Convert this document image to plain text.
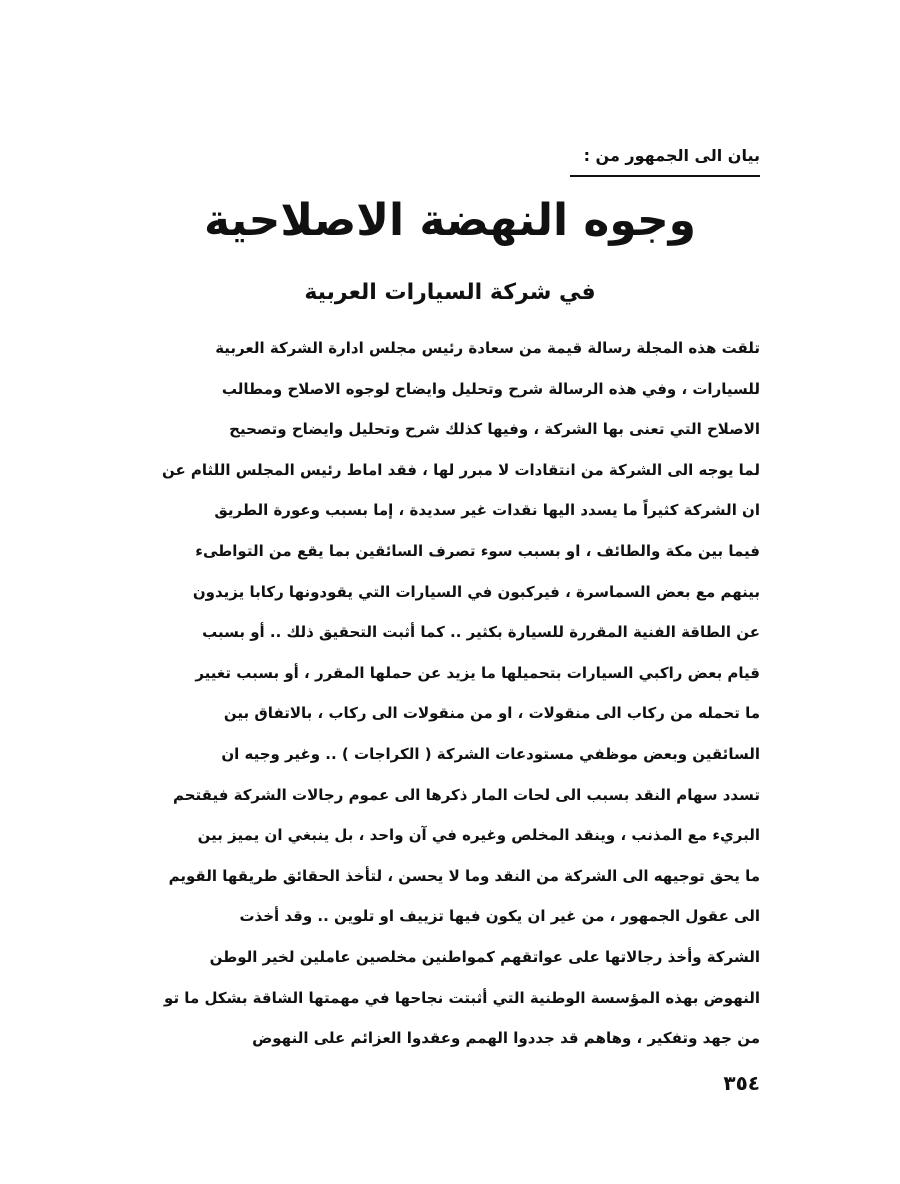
بيان الى الجمهور من :
وجوه النهضة الاصلاحية
في شركة السيارات العربية
تلقت هذه المجلة رسالة قيمة من سعادة رئيس مجلس ادارة الشركة العربية
للسيارات ، وفي هذه الرسالة شرح وتحليل وايضاح لوجوه الاصلاح ومطالب
الاصلاح التي تعنى بها الشركة ، وفيها كذلك شرح وتحليل وايضاح وتصحيح
لما يوجه الى الشركة من انتقادات لا مبرر لها ، فقد اماط رئيس المجلس اللثام عن
ان الشركة كثيراً ما يسدد اليها نقدات غير سديدة ، إما بسبب وعورة الطريق
فيما بين مكة والطائف ، او بسبب سوء تصرف السائقين بما يقع من التواطىء
بينهم مع بعض السماسرة ، فيركبون في السيارات التي يقودونها ركابا يزيدون
عن الطاقة الفنية المقررة للسيارة بكثير .. كما أثبت التحقيق ذلك .. أو بسبب
قيام بعض راكبي السيارات بتحميلها ما يزيد عن حملها المقرر ، أو بسبب تغيير
ما تحمله من ركاب الى منقولات ، او من منقولات الى ركاب ، بالاتفاق بين
السائقين وبعض موظفي مستودعات الشركة ( الكراجات ) .. وغير وجيه ان
تسدد سهام النقد بسبب الى لحات المار ذكرها الى عموم رجالات الشركة فيقتحم
البريء مع المذنب ، وينقد المخلص وغيره في آن واحد ، بل ينبغي ان يميز بين
ما يحق توجيهه الى الشركة من النقد وما لا يحسن ، لتأخذ الحقائق طريقها القويم
الى عقول الجمهور ، من غير ان يكون فيها تزييف او تلوين .. وقد أخذت
الشركة وأخذ رجالاتها على عواتقهم كمواطنين مخلصين عاملين لخير الوطن
النهوض بهذه المؤسسة الوطنية التي أثبتت نجاحها في مهمتها الشاقة بشكل ما تو
من جهد وتفكير ، وهاهم قد جددوا الهمم وعقدوا العزائم على النهوض
٣٥٤
